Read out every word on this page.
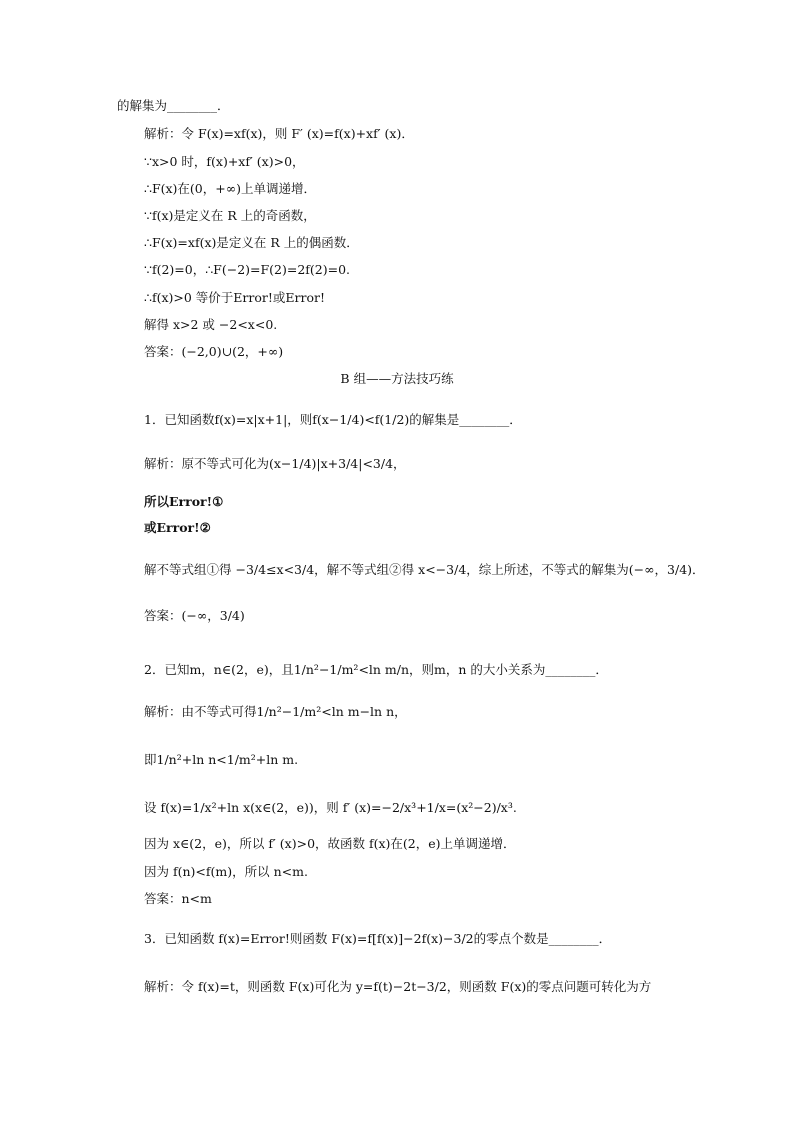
的解集为________．
解析：令 F(x)=xf(x)，则 F′ (x)=f(x)+xf′ (x)．
∵x>0 时，f(x)+xf′ (x)>0，
∴F(x)在(0，+∞)上单调递增．
∵f(x)是定义在 R 上的奇函数，
∴F(x)=xf(x)是定义在 R 上的偶函数．
∵f(2)=0，∴F(−2)=F(2)=2f(2)=0.
∴f(x)>0 等价于Error!或Error!
解得 x>2 或 −2<x<0.
答案：(−2,0)∪(2，+∞)
B 组——方法技巧练
1．已知函数f(x)=x|x+1|，则f(x−1/4)<f(1/2)的解集是________．
解析：原不等式可化为(x−1/4)|x+3/4|<3/4，
所以Error!①
或Error!②
解不等式组①得 −3/4≤x<3/4，解不等式组②得 x<−3/4，综上所述，不等式的解集为(−∞，3/4)．
答案：(−∞，3/4)
2．已知m，n∈(2，e)，且1/n²−1/m²<ln m/n，则m，n 的大小关系为________．
解析：由不等式可得1/n²−1/m²<ln m−ln n，
即1/n²+ln n<1/m²+ln m.
设 f(x)=1/x²+ln x(x∈(2，e))，则 f′ (x)=−2/x³+1/x=(x²−2)/x³.
因为 x∈(2，e)，所以 f′ (x)>0，故函数 f(x)在(2，e)上单调递增．
因为 f(n)<f(m)，所以 n<m.
答案：n<m
3．已知函数 f(x)=Error!则函数 F(x)=f[f(x)]−2f(x)−3/2的零点个数是________．
解析：令 f(x)=t，则函数 F(x)可化为 y=f(t)−2t−3/2，则函数 F(x)的零点问题可转化为方
